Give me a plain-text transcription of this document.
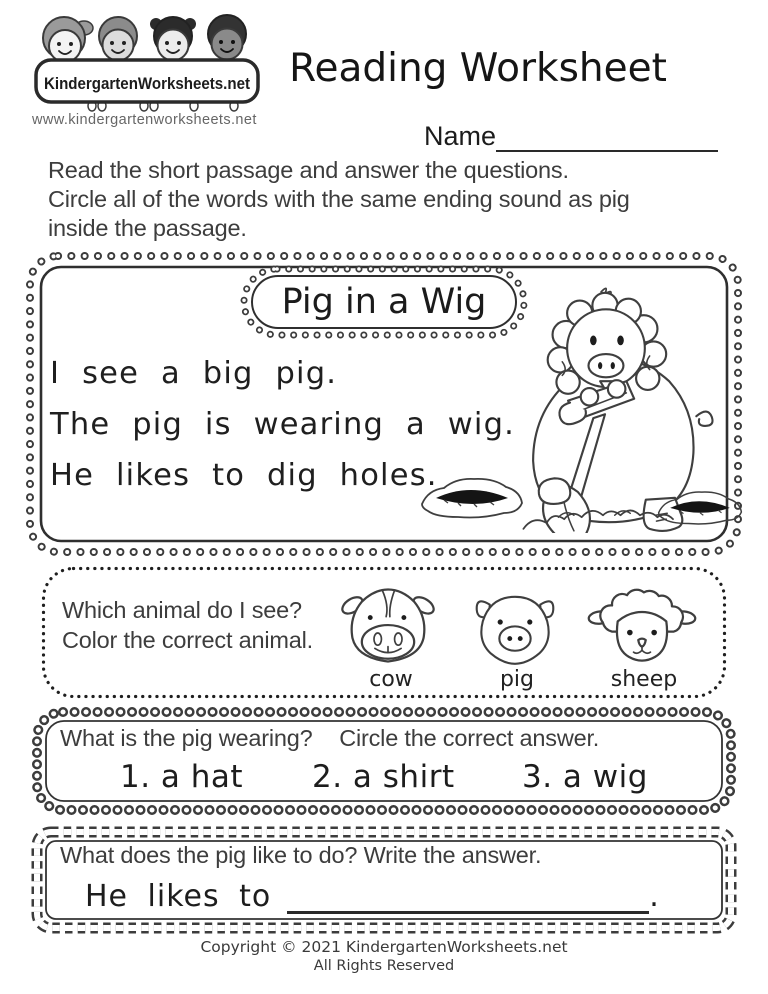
KindergartenWorksheets.net
www.kindergartenworksheets.net
Reading Worksheet
Name
Read the short passage and answer the questions.
Circle all of the words with the same ending sound as pig
inside the passage.
Pig in a Wig
I see a big pig.
The pig is wearing a wig.
He likes to dig holes.
Which animal do I see?
Color the correct animal.
cow	pig	sheep
What is the pig wearing? Circle the correct answer.
1. a hat 2. a shirt 3. a wig
What does the pig like to do? Write the answer.
He likes to	.
Copyright © 2021 KindergartenWorksheets.net
All Rights Reserved
